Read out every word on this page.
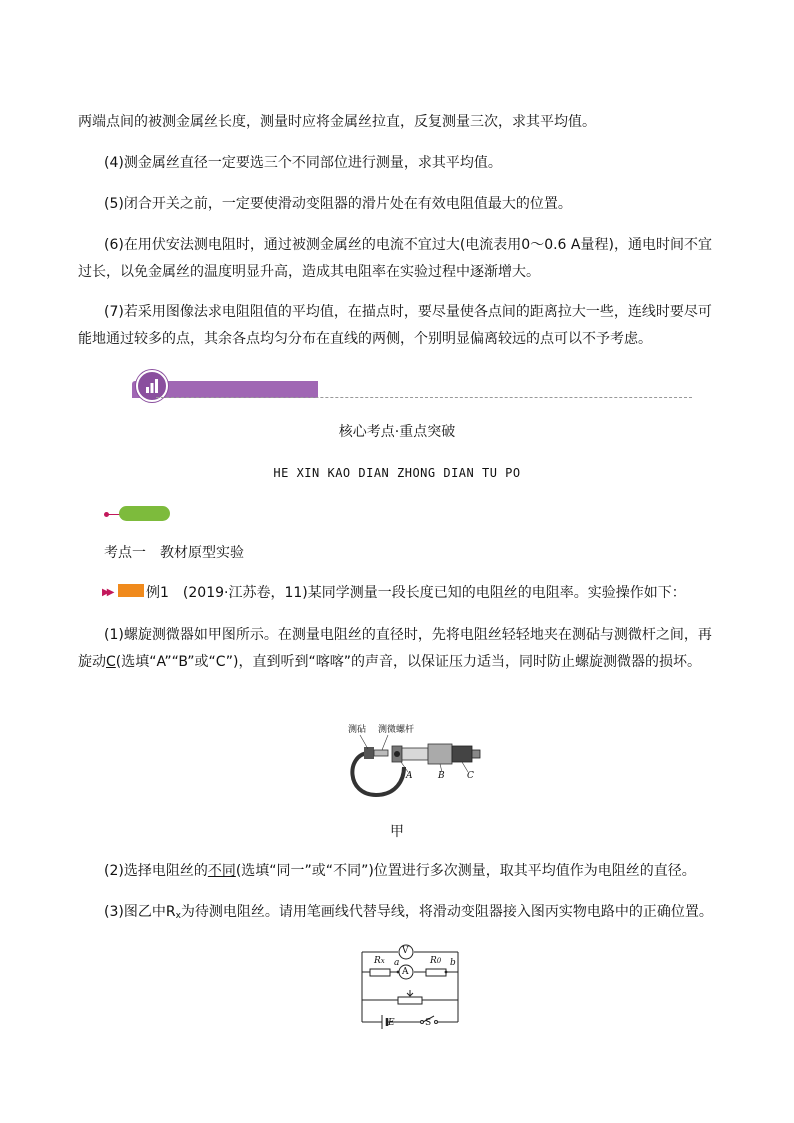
两端点间的被测金属丝长度，测量时应将金属丝拉直，反复测量三次，求其平均值。

(4)测金属丝直径一定要选三个不同部位进行测量，求其平均值。

(5)闭合开关之前，一定要使滑动变阻器的滑片处在有效电阻值最大的位置。

(6)在用伏安法测电阻时，通过被测金属丝的电流不宜过大(电流表用0～0.6 A量程)，通电时间不宜过长，以免金属丝的温度明显升高，造成其电阻率在实验过程中逐渐增大。

(7)若采用图像法求电阻阻值的平均值，在描点时，要尽量使各点间的距离拉大一些，连线时要尽可能地通过较多的点，其余各点均匀分布在直线的两侧，个别明显偏离较远的点可以不予考虑。

核心考点·重点突破

HE XIN KAO DIAN ZHONG DIAN TU PO

考点一　教材原型实验

▶▶ 例1　 (2019·江苏卷，11)某同学测量一段长度已知的电阻丝的电阻率。实验操作如下：

(1)螺旋测微器如甲图所示。在测量电阻丝的直径时，先将电阻丝轻轻地夹在测砧与测微杆之间，再旋动C(选填“A”“B”或“C”)，直到听到“喀喀”的声音，以保证压力适当，同时防止螺旋测微器的损坏。

测砧 测微螺杆
A	B C

甲

(2)选择电阻丝的不同(选填“同一”或“不同”)位置进行多次测量，取其平均值作为电阻丝的直径。

(3)图乙中$R_x$为待测电阻丝。请用笔画线代替导线，将滑动变阻器接入图丙实物电路中的正确位置。

V
A
Rx a	R0 b
E	S
